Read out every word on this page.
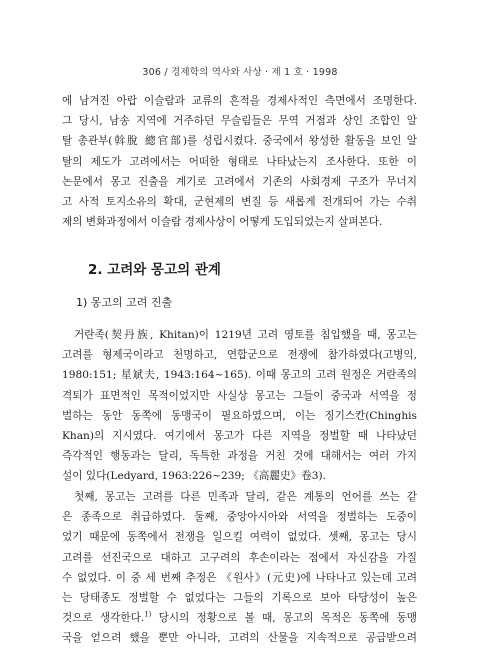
306 / 경제학의 역사와 사상 · 제 1 호 · 1998
에 남겨진 아랍 이슬람과 교류의 흔적을 경제사적인 측면에서 조명한다.
그 당시, 남송 지역에 거주하던 무슬림들은 무역 거점과 상인 조합인 알
탈 총관부(斡脫 總官部)를 성립시켰다. 중국에서 왕성한 활동을 보인 알
탈의 제도가 고려에서는 어떠한 형태로 나타났는지 조사한다. 또한 이
논문에서 몽고 진출을 계기로 고려에서 기존의 사회경제 구조가 무너지
고 사적 토지소유의 확대, 군현제의 변질 등 새롭게 전개되어 가는 수취
제의 변화과정에서 이슬람 경제사상이 어떻게 도입되었는지 살펴본다.
2. 고려와 몽고의 관계
1) 몽고의 고려 진출
거란족(契丹族, Khitan)이 1219년 고려 영토를 침입했을 때, 몽고는
고려를 형제국이라고 천명하고, 연합군으로 전쟁에 참가하였다(고병익,
1980:151; 星斌夫, 1943:164~165). 이때 몽고의 고려 원정은 거란족의
격퇴가 표면적인 목적이었지만 사실상 몽고는 그들이 중국과 서역을 정
벌하는 동안 동쪽에 동맹국이 필요하였으며, 이는 징기스칸(Chinghis
Khan)의 지시였다. 여기에서 몽고가 다른 지역을 정벌할 때 나타났던
즉각적인 행동과는 달리, 독특한 과정을 거친 것에 대해서는 여러 가지
설이 있다(Ledyard, 1963:226~239; 《高麗史》卷3).
첫째, 몽고는 고려를 다른 민족과 달리, 같은 계통의 언어를 쓰는 같
은 종족으로 취급하였다. 둘째, 중앙아시아와 서역을 정벌하는 도중이
었기 때문에 동쪽에서 전쟁을 일으킬 여력이 없었다. 셋째, 몽고는 당시
고려를 선진국으로 대하고 고구려의 후손이라는 점에서 자신감을 가질
수 없었다. 이 중 세 번째 추정은 《원사》(元史)에 나타나고 있는데 고려
는 당태종도 정벌할 수 없었다는 그들의 기록으로 보아 타당성이 높은
것으로 생각한다.$^{1)}$ 당시의 정황으로 볼 때, 몽고의 목적은 동쪽에 동맹
국을 얻으려 했을 뿐만 아니라, 고려의 산물을 지속적으로 공급받으려
